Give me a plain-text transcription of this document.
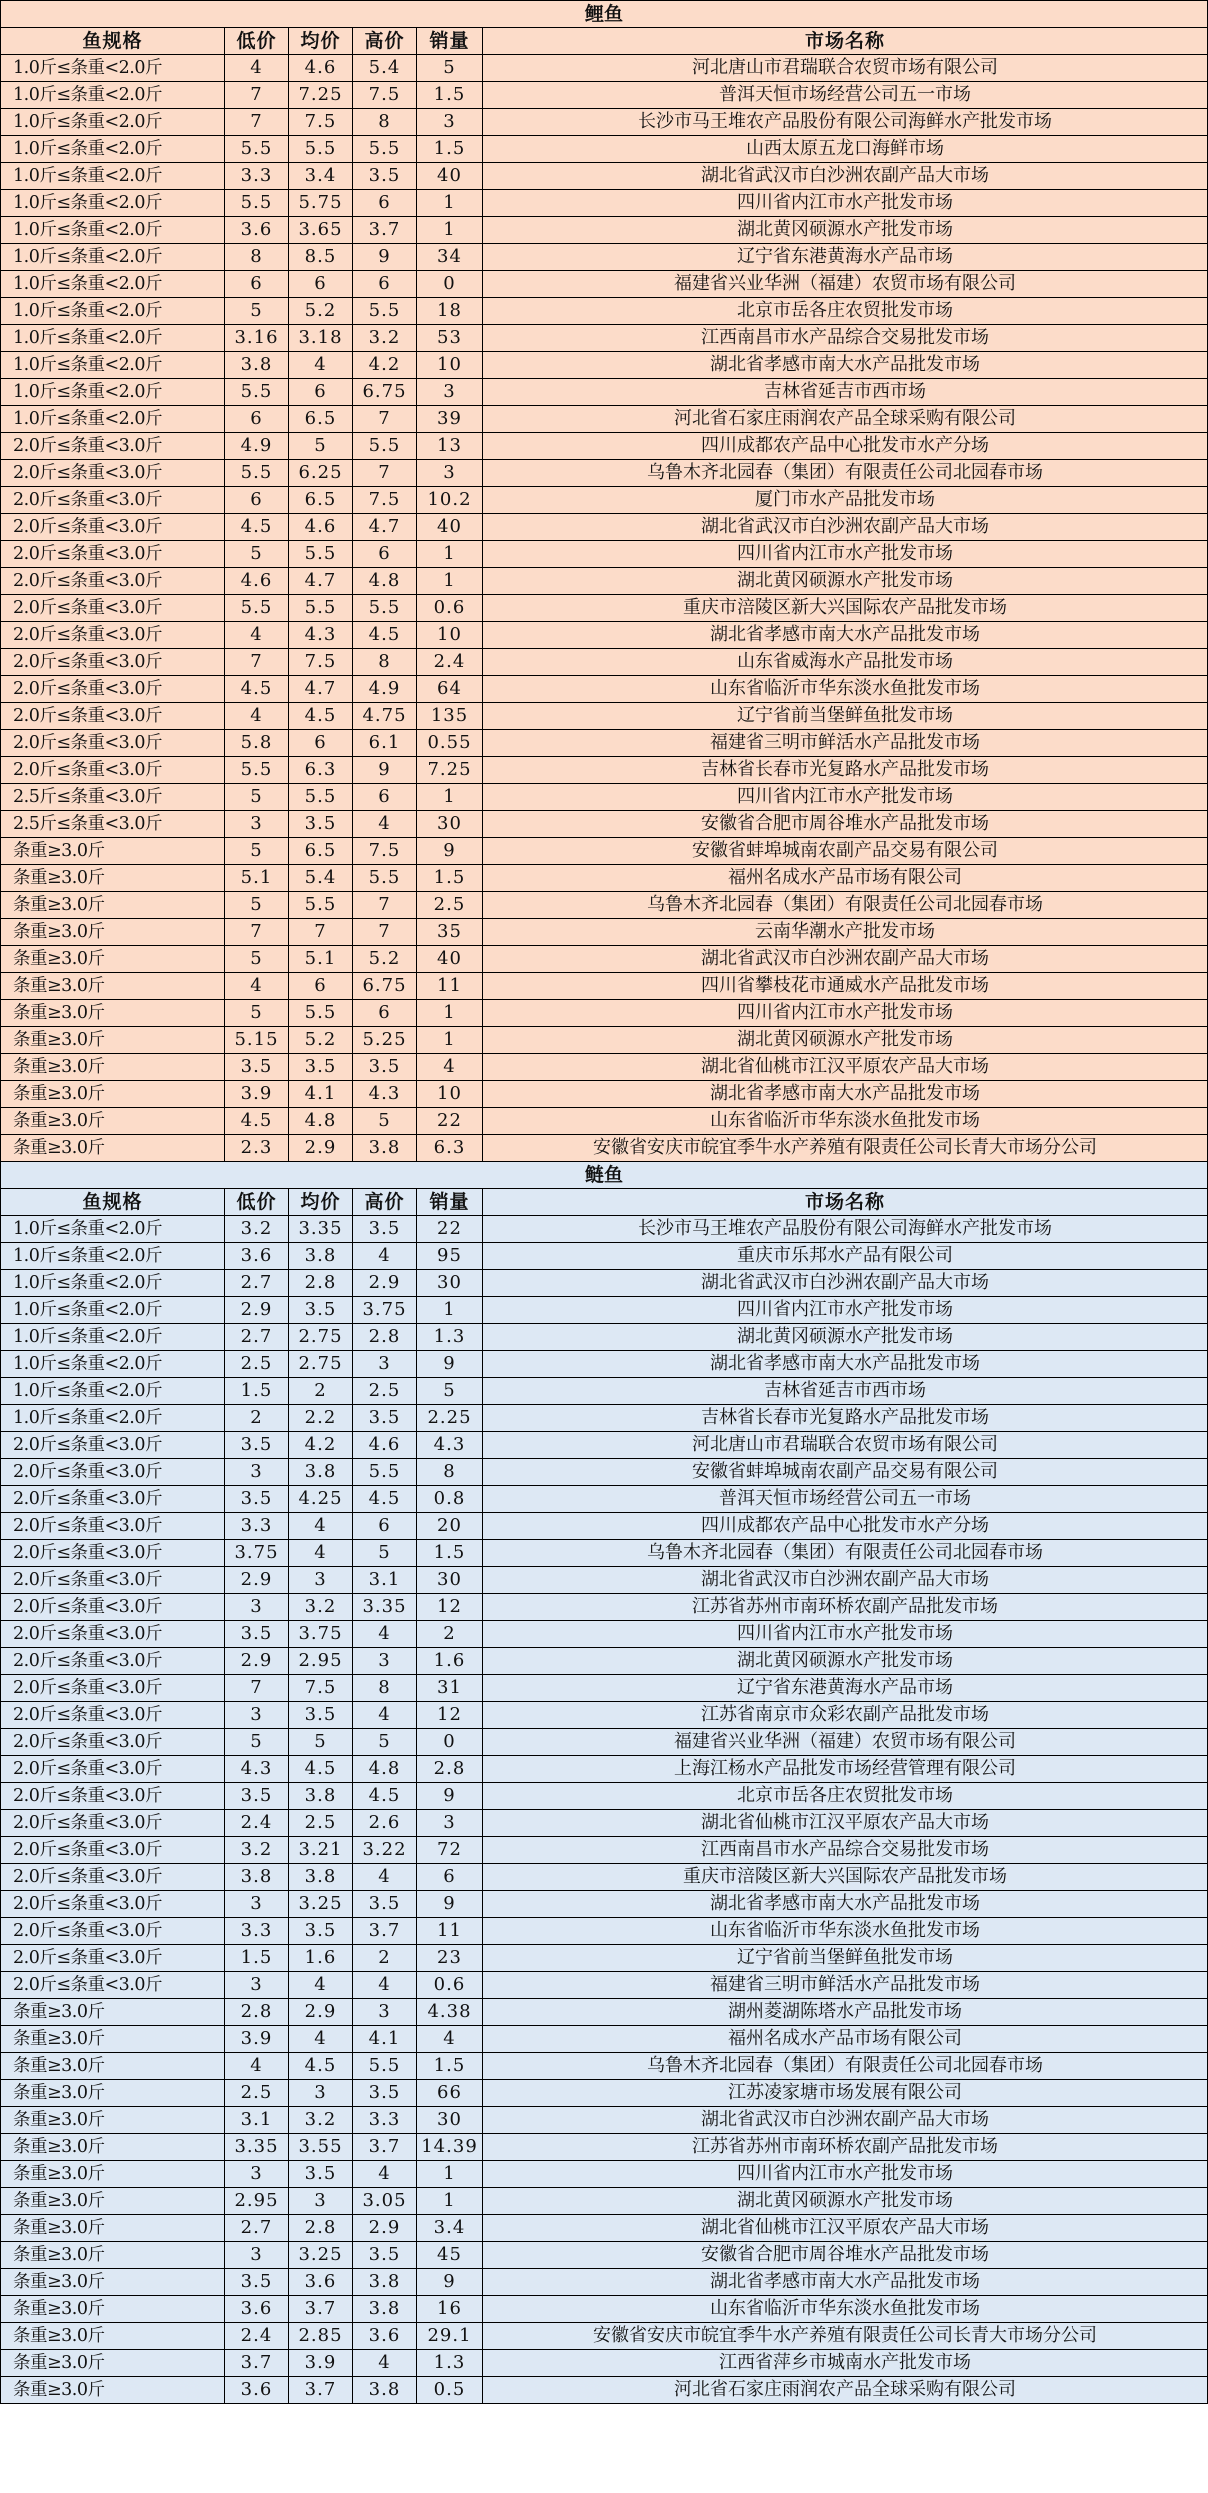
鲤鱼					
鱼规格	低价	均价	高价	销量	市场名称
1.0斤≤条重<2.0斤	4	4.6	5.4	5	河北唐山市君瑞联合农贸市场有限公司
1.0斤≤条重<2.0斤	7	7.25	7.5	1.5	普洱天恒市场经营公司五一市场
1.0斤≤条重<2.0斤	7	7.5	8	3	长沙市马王堆农产品股份有限公司海鲜水产批发市场
1.0斤≤条重<2.0斤	5.5	5.5	5.5	1.5	山西太原五龙口海鲜市场
1.0斤≤条重<2.0斤	3.3	3.4	3.5	40	湖北省武汉市白沙洲农副产品大市场
1.0斤≤条重<2.0斤	5.5	5.75	6	1	四川省内江市水产批发市场
1.0斤≤条重<2.0斤	3.6	3.65	3.7	1	湖北黄冈硕源水产批发市场
1.0斤≤条重<2.0斤	8	8.5	9	34	辽宁省东港黄海水产品市场
1.0斤≤条重<2.0斤	6	6	6	0	福建省兴业华洲（福建）农贸市场有限公司
1.0斤≤条重<2.0斤	5	5.2	5.5	18	北京市岳各庄农贸批发市场
1.0斤≤条重<2.0斤	3.16	3.18	3.2	53	江西南昌市水产品综合交易批发市场
1.0斤≤条重<2.0斤	3.8	4	4.2	10	湖北省孝感市南大水产品批发市场
1.0斤≤条重<2.0斤	5.5	6	6.75	3	吉林省延吉市西市场
1.0斤≤条重<2.0斤	6	6.5	7	39	河北省石家庄雨润农产品全球采购有限公司
2.0斤≤条重<3.0斤	4.9	5	5.5	13	四川成都农产品中心批发市水产分场
2.0斤≤条重<3.0斤	5.5	6.25	7	3	乌鲁木齐北园春（集团）有限责任公司北园春市场
2.0斤≤条重<3.0斤	6	6.5	7.5	10.2	厦门市水产品批发市场
2.0斤≤条重<3.0斤	4.5	4.6	4.7	40	湖北省武汉市白沙洲农副产品大市场
2.0斤≤条重<3.0斤	5	5.5	6	1	四川省内江市水产批发市场
2.0斤≤条重<3.0斤	4.6	4.7	4.8	1	湖北黄冈硕源水产批发市场
2.0斤≤条重<3.0斤	5.5	5.5	5.5	0.6	重庆市涪陵区新大兴国际农产品批发市场
2.0斤≤条重<3.0斤	4	4.3	4.5	10	湖北省孝感市南大水产品批发市场
2.0斤≤条重<3.0斤	7	7.5	8	2.4	山东省威海水产品批发市场
2.0斤≤条重<3.0斤	4.5	4.7	4.9	64	山东省临沂市华东淡水鱼批发市场
2.0斤≤条重<3.0斤	4	4.5	4.75	135	辽宁省前当堡鲜鱼批发市场
2.0斤≤条重<3.0斤	5.8	6	6.1	0.55	福建省三明市鲜活水产品批发市场
2.0斤≤条重<3.0斤	5.5	6.3	9	7.25	吉林省长春市光复路水产品批发市场
2.5斤≤条重<3.0斤	5	5.5	6	1	四川省内江市水产批发市场
2.5斤≤条重<3.0斤	3	3.5	4	30	安徽省合肥市周谷堆水产品批发市场
条重≥3.0斤	5	6.5	7.5	9	安徽省蚌埠城南农副产品交易有限公司
条重≥3.0斤	5.1	5.4	5.5	1.5	福州名成水产品市场有限公司
条重≥3.0斤	5	5.5	7	2.5	乌鲁木齐北园春（集团）有限责任公司北园春市场
条重≥3.0斤	7	7	7	35	云南华潮水产批发市场
条重≥3.0斤	5	5.1	5.2	40	湖北省武汉市白沙洲农副产品大市场
条重≥3.0斤	4	6	6.75	11	四川省攀枝花市通威水产品批发市场
条重≥3.0斤	5	5.5	6	1	四川省内江市水产批发市场
条重≥3.0斤	5.15	5.2	5.25	1	湖北黄冈硕源水产批发市场
条重≥3.0斤	3.5	3.5	3.5	4	湖北省仙桃市江汉平原农产品大市场
条重≥3.0斤	3.9	4.1	4.3	10	湖北省孝感市南大水产品批发市场
条重≥3.0斤	4.5	4.8	5	22	山东省临沂市华东淡水鱼批发市场
条重≥3.0斤	2.3	2.9	3.8	6.3	安徽省安庆市皖宜季牛水产养殖有限责任公司长青大市场分公司
鲢鱼					
鱼规格	低价	均价	高价	销量	市场名称
1.0斤≤条重<2.0斤	3.2	3.35	3.5	22	长沙市马王堆农产品股份有限公司海鲜水产批发市场
1.0斤≤条重<2.0斤	3.6	3.8	4	95	重庆市乐邦水产品有限公司
1.0斤≤条重<2.0斤	2.7	2.8	2.9	30	湖北省武汉市白沙洲农副产品大市场
1.0斤≤条重<2.0斤	2.9	3.5	3.75	1	四川省内江市水产批发市场
1.0斤≤条重<2.0斤	2.7	2.75	2.8	1.3	湖北黄冈硕源水产批发市场
1.0斤≤条重<2.0斤	2.5	2.75	3	9	湖北省孝感市南大水产品批发市场
1.0斤≤条重<2.0斤	1.5	2	2.5	5	吉林省延吉市西市场
1.0斤≤条重<2.0斤	2	2.2	3.5	2.25	吉林省长春市光复路水产品批发市场
2.0斤≤条重<3.0斤	3.5	4.2	4.6	4.3	河北唐山市君瑞联合农贸市场有限公司
2.0斤≤条重<3.0斤	3	3.8	5.5	8	安徽省蚌埠城南农副产品交易有限公司
2.0斤≤条重<3.0斤	3.5	4.25	4.5	0.8	普洱天恒市场经营公司五一市场
2.0斤≤条重<3.0斤	3.3	4	6	20	四川成都农产品中心批发市水产分场
2.0斤≤条重<3.0斤	3.75	4	5	1.5	乌鲁木齐北园春（集团）有限责任公司北园春市场
2.0斤≤条重<3.0斤	2.9	3	3.1	30	湖北省武汉市白沙洲农副产品大市场
2.0斤≤条重<3.0斤	3	3.2	3.35	12	江苏省苏州市南环桥农副产品批发市场
2.0斤≤条重<3.0斤	3.5	3.75	4	2	四川省内江市水产批发市场
2.0斤≤条重<3.0斤	2.9	2.95	3	1.6	湖北黄冈硕源水产批发市场
2.0斤≤条重<3.0斤	7	7.5	8	31	辽宁省东港黄海水产品市场
2.0斤≤条重<3.0斤	3	3.5	4	12	江苏省南京市众彩农副产品批发市场
2.0斤≤条重<3.0斤	5	5	5	0	福建省兴业华洲（福建）农贸市场有限公司
2.0斤≤条重<3.0斤	4.3	4.5	4.8	2.8	上海江杨水产品批发市场经营管理有限公司
2.0斤≤条重<3.0斤	3.5	3.8	4.5	9	北京市岳各庄农贸批发市场
2.0斤≤条重<3.0斤	2.4	2.5	2.6	3	湖北省仙桃市江汉平原农产品大市场
2.0斤≤条重<3.0斤	3.2	3.21	3.22	72	江西南昌市水产品综合交易批发市场
2.0斤≤条重<3.0斤	3.8	3.8	4	6	重庆市涪陵区新大兴国际农产品批发市场
2.0斤≤条重<3.0斤	3	3.25	3.5	9	湖北省孝感市南大水产品批发市场
2.0斤≤条重<3.0斤	3.3	3.5	3.7	11	山东省临沂市华东淡水鱼批发市场
2.0斤≤条重<3.0斤	1.5	1.6	2	23	辽宁省前当堡鲜鱼批发市场
2.0斤≤条重<3.0斤	3	4	4	0.6	福建省三明市鲜活水产品批发市场
条重≥3.0斤	2.8	2.9	3	4.38	湖州菱湖陈塔水产品批发市场
条重≥3.0斤	3.9	4	4.1	4	福州名成水产品市场有限公司
条重≥3.0斤	4	4.5	5.5	1.5	乌鲁木齐北园春（集团）有限责任公司北园春市场
条重≥3.0斤	2.5	3	3.5	66	江苏凌家塘市场发展有限公司
条重≥3.0斤	3.1	3.2	3.3	30	湖北省武汉市白沙洲农副产品大市场
条重≥3.0斤	3.35	3.55	3.7	14.39	江苏省苏州市南环桥农副产品批发市场
条重≥3.0斤	3	3.5	4	1	四川省内江市水产批发市场
条重≥3.0斤	2.95	3	3.05	1	湖北黄冈硕源水产批发市场
条重≥3.0斤	2.7	2.8	2.9	3.4	湖北省仙桃市江汉平原农产品大市场
条重≥3.0斤	3	3.25	3.5	45	安徽省合肥市周谷堆水产品批发市场
条重≥3.0斤	3.5	3.6	3.8	9	湖北省孝感市南大水产品批发市场
条重≥3.0斤	3.6	3.7	3.8	16	山东省临沂市华东淡水鱼批发市场
条重≥3.0斤	2.4	2.85	3.6	29.1	安徽省安庆市皖宜季牛水产养殖有限责任公司长青大市场分公司
条重≥3.0斤	3.7	3.9	4	1.3	江西省萍乡市城南水产批发市场
条重≥3.0斤	3.6	3.7	3.8	0.5	河北省石家庄雨润农产品全球采购有限公司
